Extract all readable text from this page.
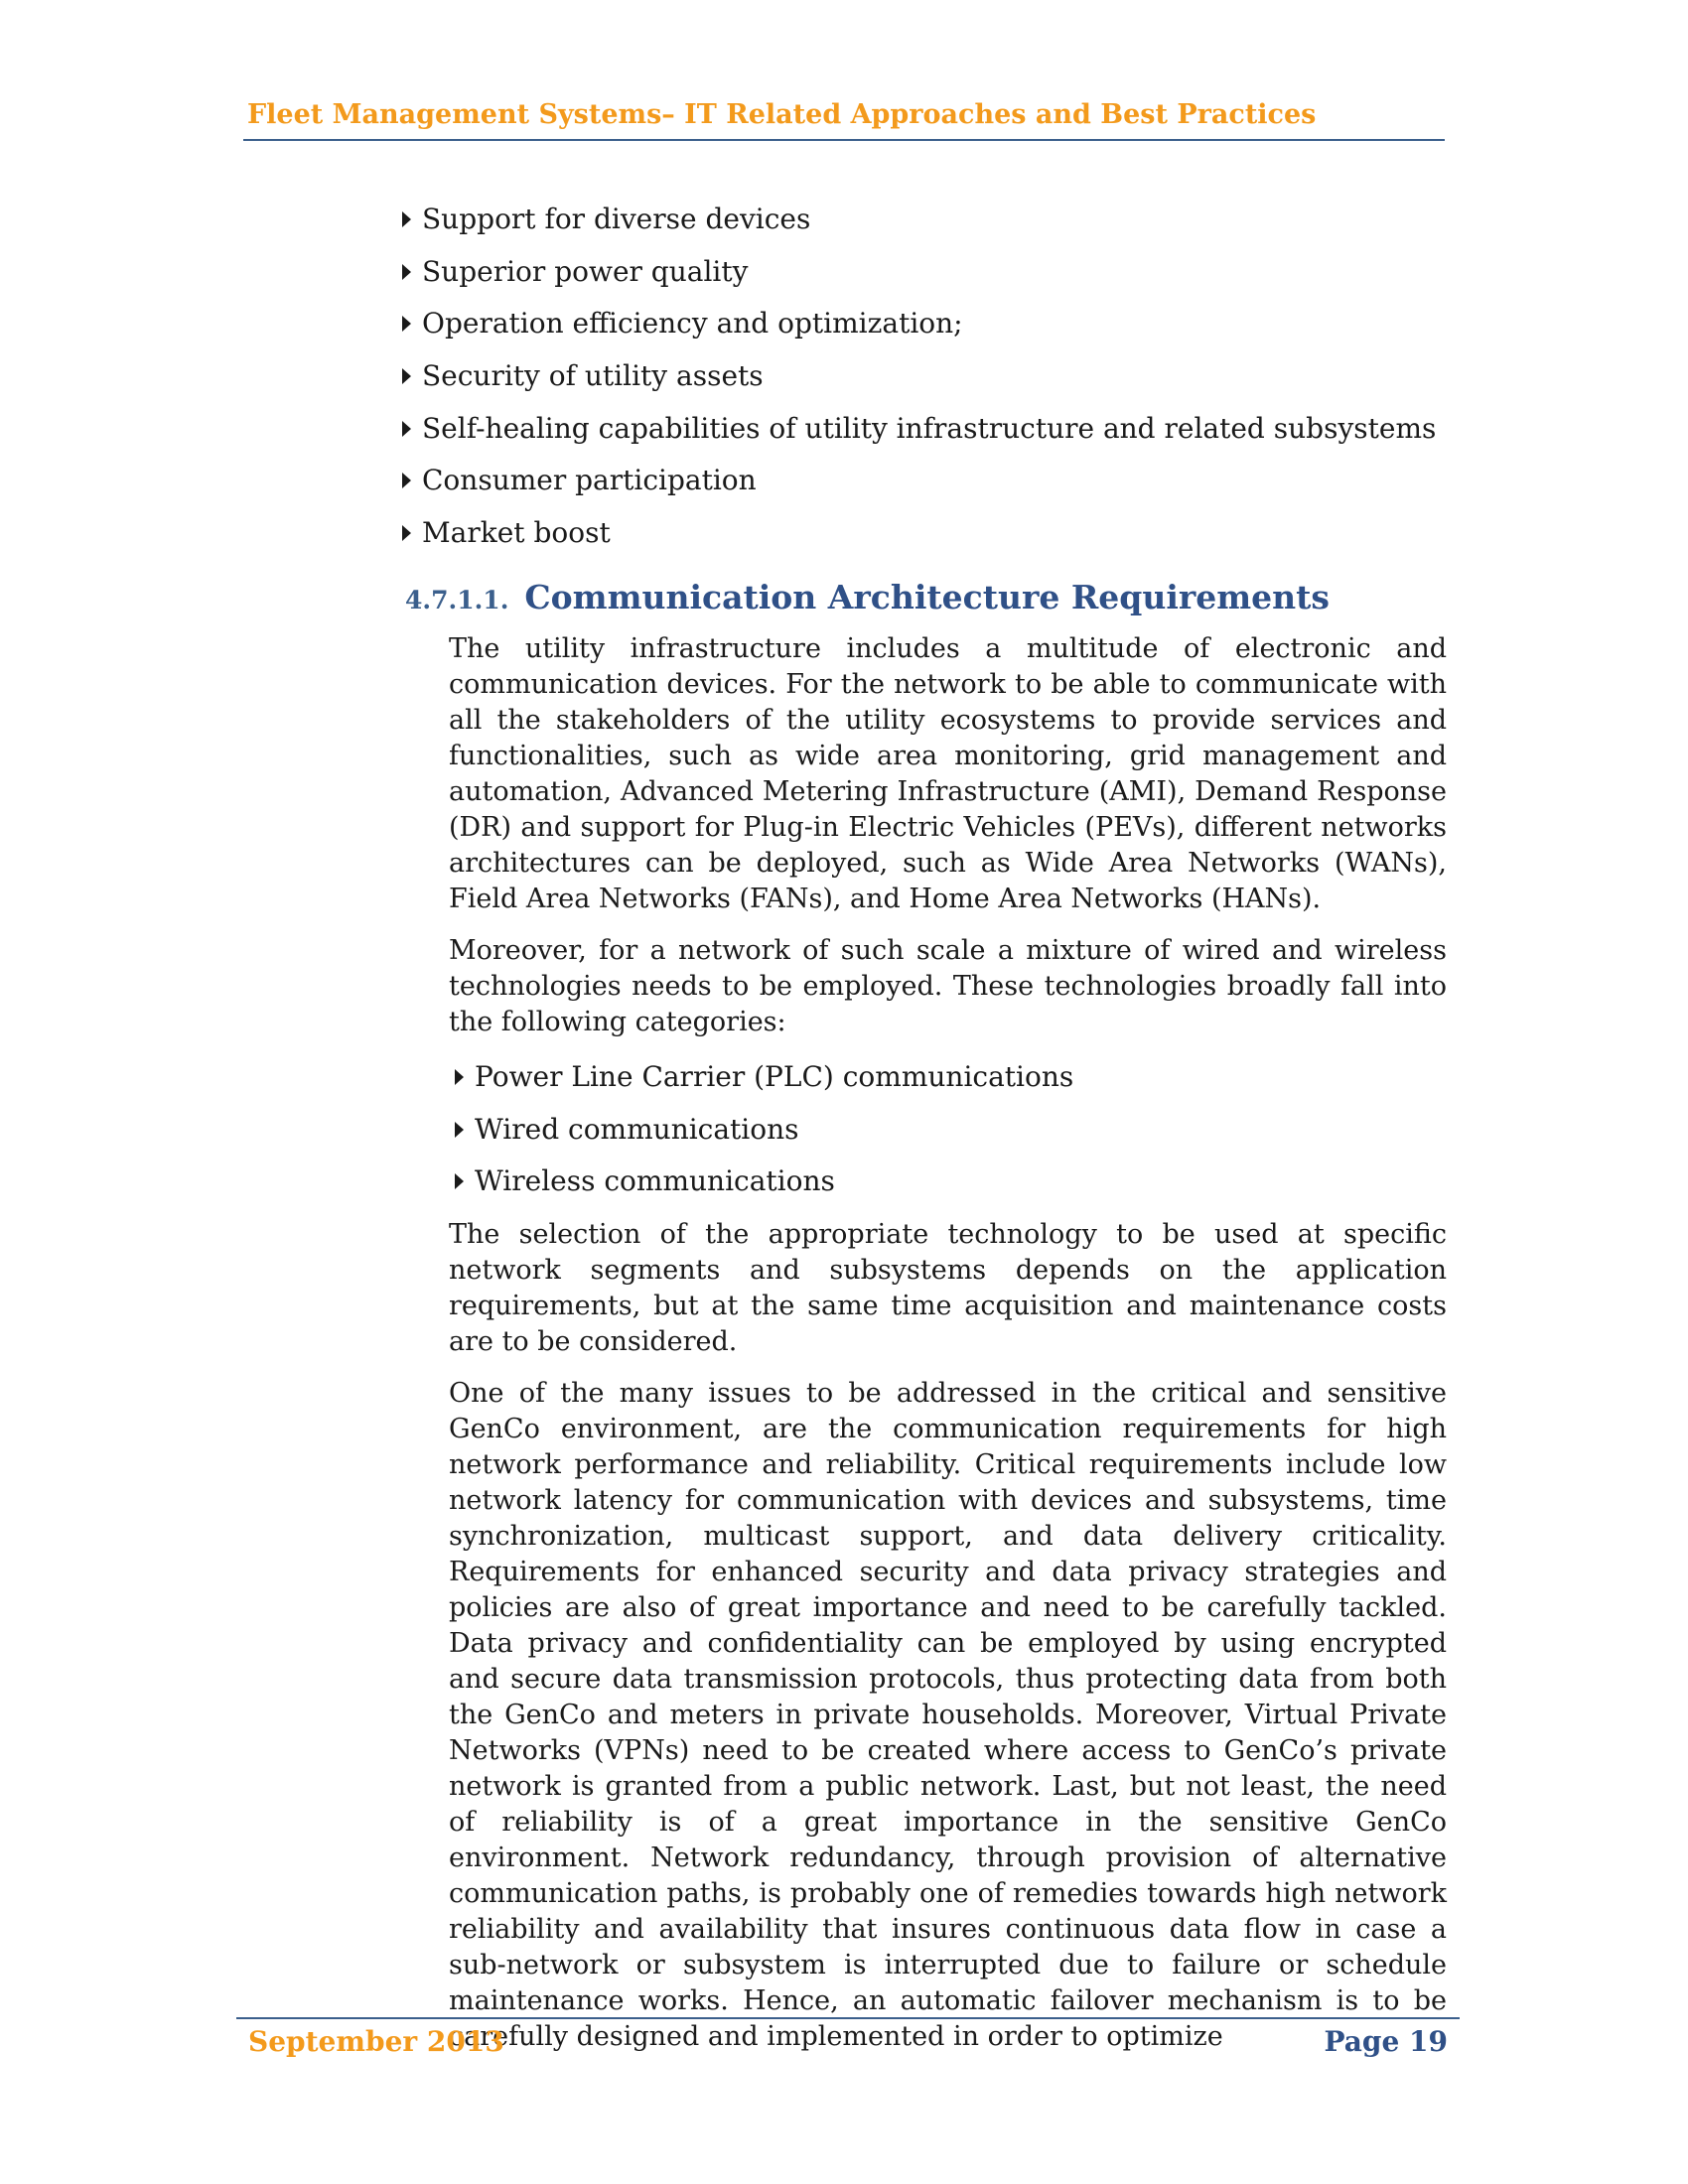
Fleet Management Systems– IT Related Approaches and Best Practices
Support for diverse devices
Superior power quality
Operation efficiency and optimization;
Security of utility assets
Self-healing capabilities of utility infrastructure and related subsystems
Consumer participation
Market boost
4.7.1.1. Communication Architecture Requirements

The utility infrastructure includes a multitude of electronic and communication devices. For the network to be able to communicate with all the stakeholders of the utility ecosystems to provide services and functionalities, such as wide area monitoring, grid management and automation, Advanced Metering Infrastructure (AMI), Demand Response (DR) and support for Plug-in Electric Vehicles (PEVs), different networks architectures can be deployed, such as Wide Area Networks (WANs), Field Area Networks (FANs), and Home Area Networks (HANs).

Moreover, for a network of such scale a mixture of wired and wireless technologies needs to be employed. These technologies broadly fall into the following categories:

Power Line Carrier (PLC) communications
Wired communications
Wireless communications

The selection of the appropriate technology to be used at specific network segments and subsystems depends on the application requirements, but at the same time acquisition and maintenance costs are to be considered.

One of the many issues to be addressed in the critical and sensitive GenCo environment, are the communication requirements for high network performance and reliability. Critical requirements include low network latency for communication with devices and subsystems, time synchronization, multicast support, and data delivery criticality. Requirements for enhanced security and data privacy strategies and policies are also of great importance and need to be carefully tackled. Data privacy and confidentiality can be employed by using encrypted and secure data transmission protocols, thus protecting data from both the GenCo and meters in private households. Moreover, Virtual Private Networks (VPNs) need to be created where access to GenCo’s private network is granted from a public network. Last, but not least, the need of reliability is of a great importance in the sensitive GenCo environment. Network redundancy, through provision of alternative communication paths, is probably one of remedies towards high network reliability and availability that insures continuous data flow in case a sub-network or subsystem is interrupted due to failure or schedule maintenance works. Hence, an automatic failover mechanism is to be carefully designed and implemented in order to optimize

September 2013	Page 19
